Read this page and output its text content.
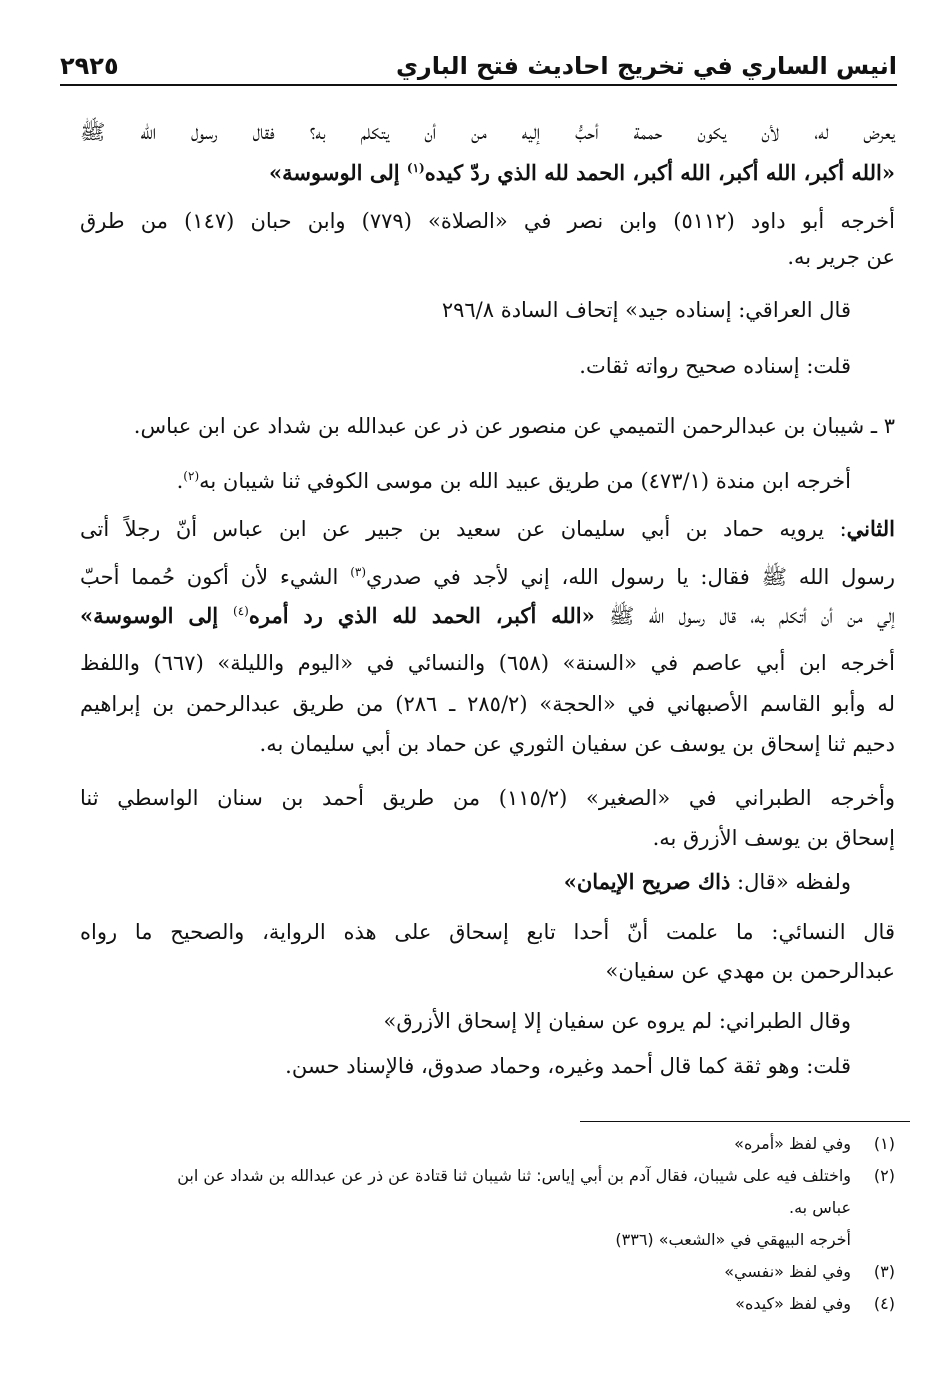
انيس الساري في تخريج احاديث فتح الباري
٢٩٢٥
يعرض له، لأن يكون حممة أحبُّ إليه من أن يتكلم به؟ فقال رسول الله ﷺ
«الله أكبر، الله أكبر، الله أكبر، الحمد لله الذي ردّ كيده$^{(١)}$ إلى الوسوسة»
أخرجه أبو داود (٥١١٢) وابن نصر في «الصلاة» (٧٧٩) وابن حبان (١٤٧) من طرق
عن جرير به.
قال العراقي: إسناده جيد» إتحاف السادة ٢٩٦/٨
قلت: إسناده صحيح رواته ثقات.
٣ ـ شيبان بن عبدالرحمن التميمي عن منصور عن ذر عن عبدالله بن شداد عن ابن عباس.
أخرجه ابن مندة (٤٧٣/١) من طريق عبيد الله بن موسى الكوفي ثنا شيبان به$^{(٢)}$.
الثاني: يرويه حماد بن أبي سليمان عن سعيد بن جبير عن ابن عباس أنّ رجلاً أتى
رسول الله ﷺ فقال: يا رسول الله، إني لأجد في صدري$^{(٣)}$ الشيء لأن أكون حُمما أحبّ
إلي من أن أتكلم به، قال رسول الله ﷺ «الله أكبر، الحمد لله الذي رد أمره$^{(٤)}$ إلى الوسوسة»
أخرجه ابن أبي عاصم في «السنة» (٦٥٨) والنسائي في «اليوم والليلة» (٦٦٧) واللفظ
له وأبو القاسم الأصبهاني في «الحجة» (٢٨٥/٢ ـ ٢٨٦) من طريق عبدالرحمن بن إبراهيم
دحيم ثنا إسحاق بن يوسف عن سفيان الثوري عن حماد بن أبي سليمان به.
وأخرجه الطبراني في «الصغير» (١١٥/٢) من طريق أحمد بن سنان الواسطي ثنا
إسحاق بن يوسف الأزرق به.
ولفظه «قال: ذاك صريح الإيمان»
قال النسائي: ما علمت أنّ أحدا تابع إسحاق على هذه الرواية، والصحيح ما رواه
عبدالرحمن بن مهدي عن سفيان»
وقال الطبراني: لم يروه عن سفيان إلا إسحاق الأزرق»
قلت: وهو ثقة كما قال أحمد وغيره، وحماد صدوق، فالإسناد حسن.
(١)وفي لفظ «أمره»
(٢)واختلف فيه على شيبان، فقال آدم بن أبي إياس: ثنا شيبان ثنا قتادة عن ذر عن عبدالله بن شداد عن ابن
عباس به.
أخرجه البيهقي في «الشعب» (٣٣٦)
(٣)وفي لفظ «نفسي»
(٤)وفي لفظ «كيده»
